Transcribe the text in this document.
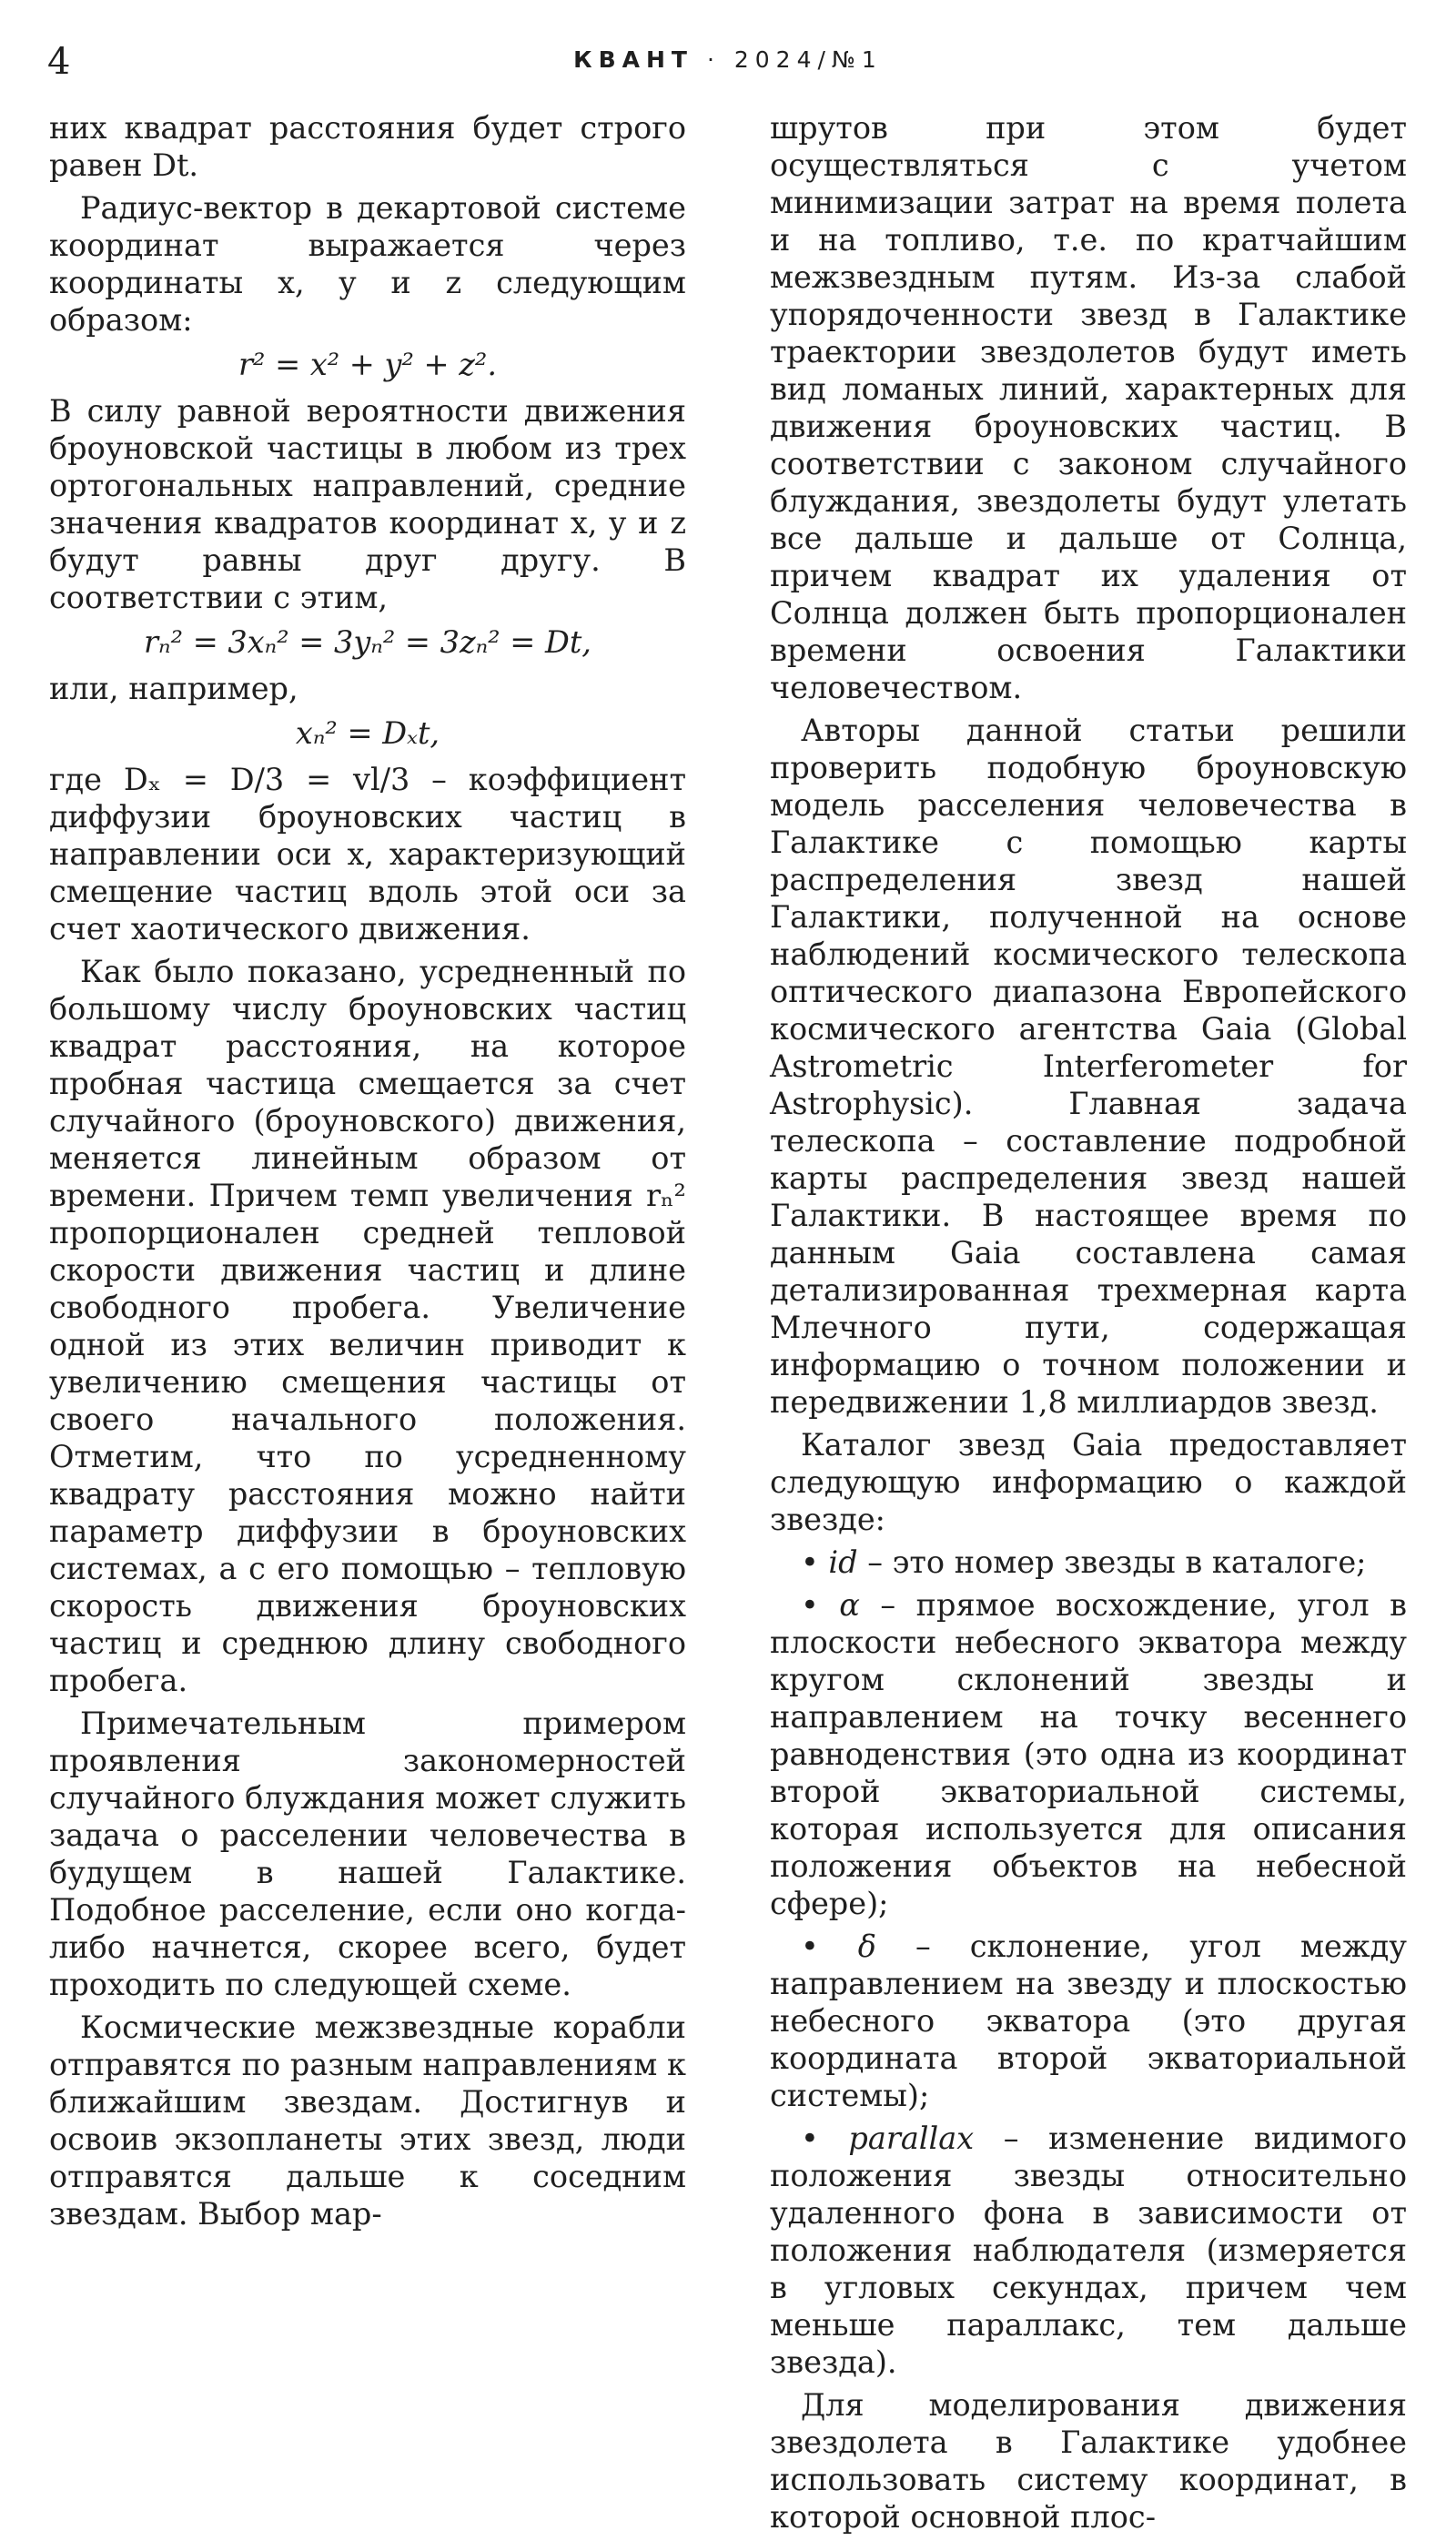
4	КВАНТ · 2024/№1

них квадрат расстояния будет строго равен Dt.

Радиус-вектор в декартовой системе координат выражается через координаты x, y и z следующим образом:

r² = x² + y² + z².

В силу равной вероятности движения броуновской частицы в любом из трех ортогональных направлений, средние значения квадратов координат x, y и z будут равны друг другу. В соответствии с этим,

rₙ² = 3xₙ² = 3yₙ² = 3zₙ² = Dt,

или, например,

xₙ² = Dₓt,

где Dₓ = D/3 = vl/3 – коэффициент диффузии броуновских частиц в направлении оси x, характеризующий смещение частиц вдоль этой оси за счет хаотического движения.

Как было показано, усредненный по большому числу броуновских частиц квадрат расстояния, на которое пробная частица смещается за счет случайного (броуновского) движения, меняется линейным образом от времени. Причем темп увеличения rₙ² пропорционален средней тепловой скорости движения частиц и длине свободного пробега. Увеличение одной из этих величин приводит к увеличению смещения частицы от своего начального положения. Отметим, что по усредненному квадрату расстояния можно найти параметр диффузии в броуновских системах, а с его помощью – тепловую скорость движения броуновских частиц и среднюю длину свободного пробега.

Примечательным примером проявления закономерностей случайного блуждания может служить задача о расселении человечества в будущем в нашей Галактике. Подобное расселение, если оно когда-либо начнется, скорее всего, будет проходить по следующей схеме.

Космические межзвездные корабли отправятся по разным направлениям к ближайшим звездам. Достигнув и освоив экзопланеты этих звезд, люди отправятся дальше к соседним звездам. Выбор мар-

шрутов при этом будет осуществляться с учетом минимизации затрат на время полета и на топливо, т.е. по кратчайшим межзвездным путям. Из-за слабой упорядоченности звезд в Галактике траектории звездолетов будут иметь вид ломаных линий, характерных для движения броуновских частиц. В соответствии с законом случайного блуждания, звездолеты будут улетать все дальше и дальше от Солнца, причем квадрат их удаления от Солнца должен быть пропорционален времени освоения Галактики человечеством.

Авторы данной статьи решили проверить подобную броуновскую модель расселения человечества в Галактике с помощью карты распределения звезд нашей Галактики, полученной на основе наблюдений космического телескопа оптического диапазона Европейского космического агентства Gaia (Global Astrometric Interferometer for Astrophysic). Главная задача телескопа – составление подробной карты распределения звезд нашей Галактики. В настоящее время по данным Gaia составлена самая детализированная трехмерная карта Млечного пути, содержащая информацию о точном положении и передвижении 1,8 миллиардов звезд.

Каталог звезд Gaia предоставляет следующую информацию о каждой звезде:

• id – это номер звезды в каталоге;

• α – прямое восхождение, угол в плоскости небесного экватора между кругом склонений звезды и направлением на точку весеннего равноденствия (это одна из координат второй экваториальной системы, которая используется для описания положения объектов на небесной сфере);

• δ – склонение, угол между направлением на звезду и плоскостью небесного экватора (это другая координата второй экваториальной системы);

• parallax – изменение видимого положения звезды относительно удаленного фона в зависимости от положения наблюдателя (измеряется в угловых секундах, причем чем меньше параллакс, тем дальше звезда).

Для моделирования движения звездолета в Галактике удобнее использовать систему координат, в которой основной плос-
